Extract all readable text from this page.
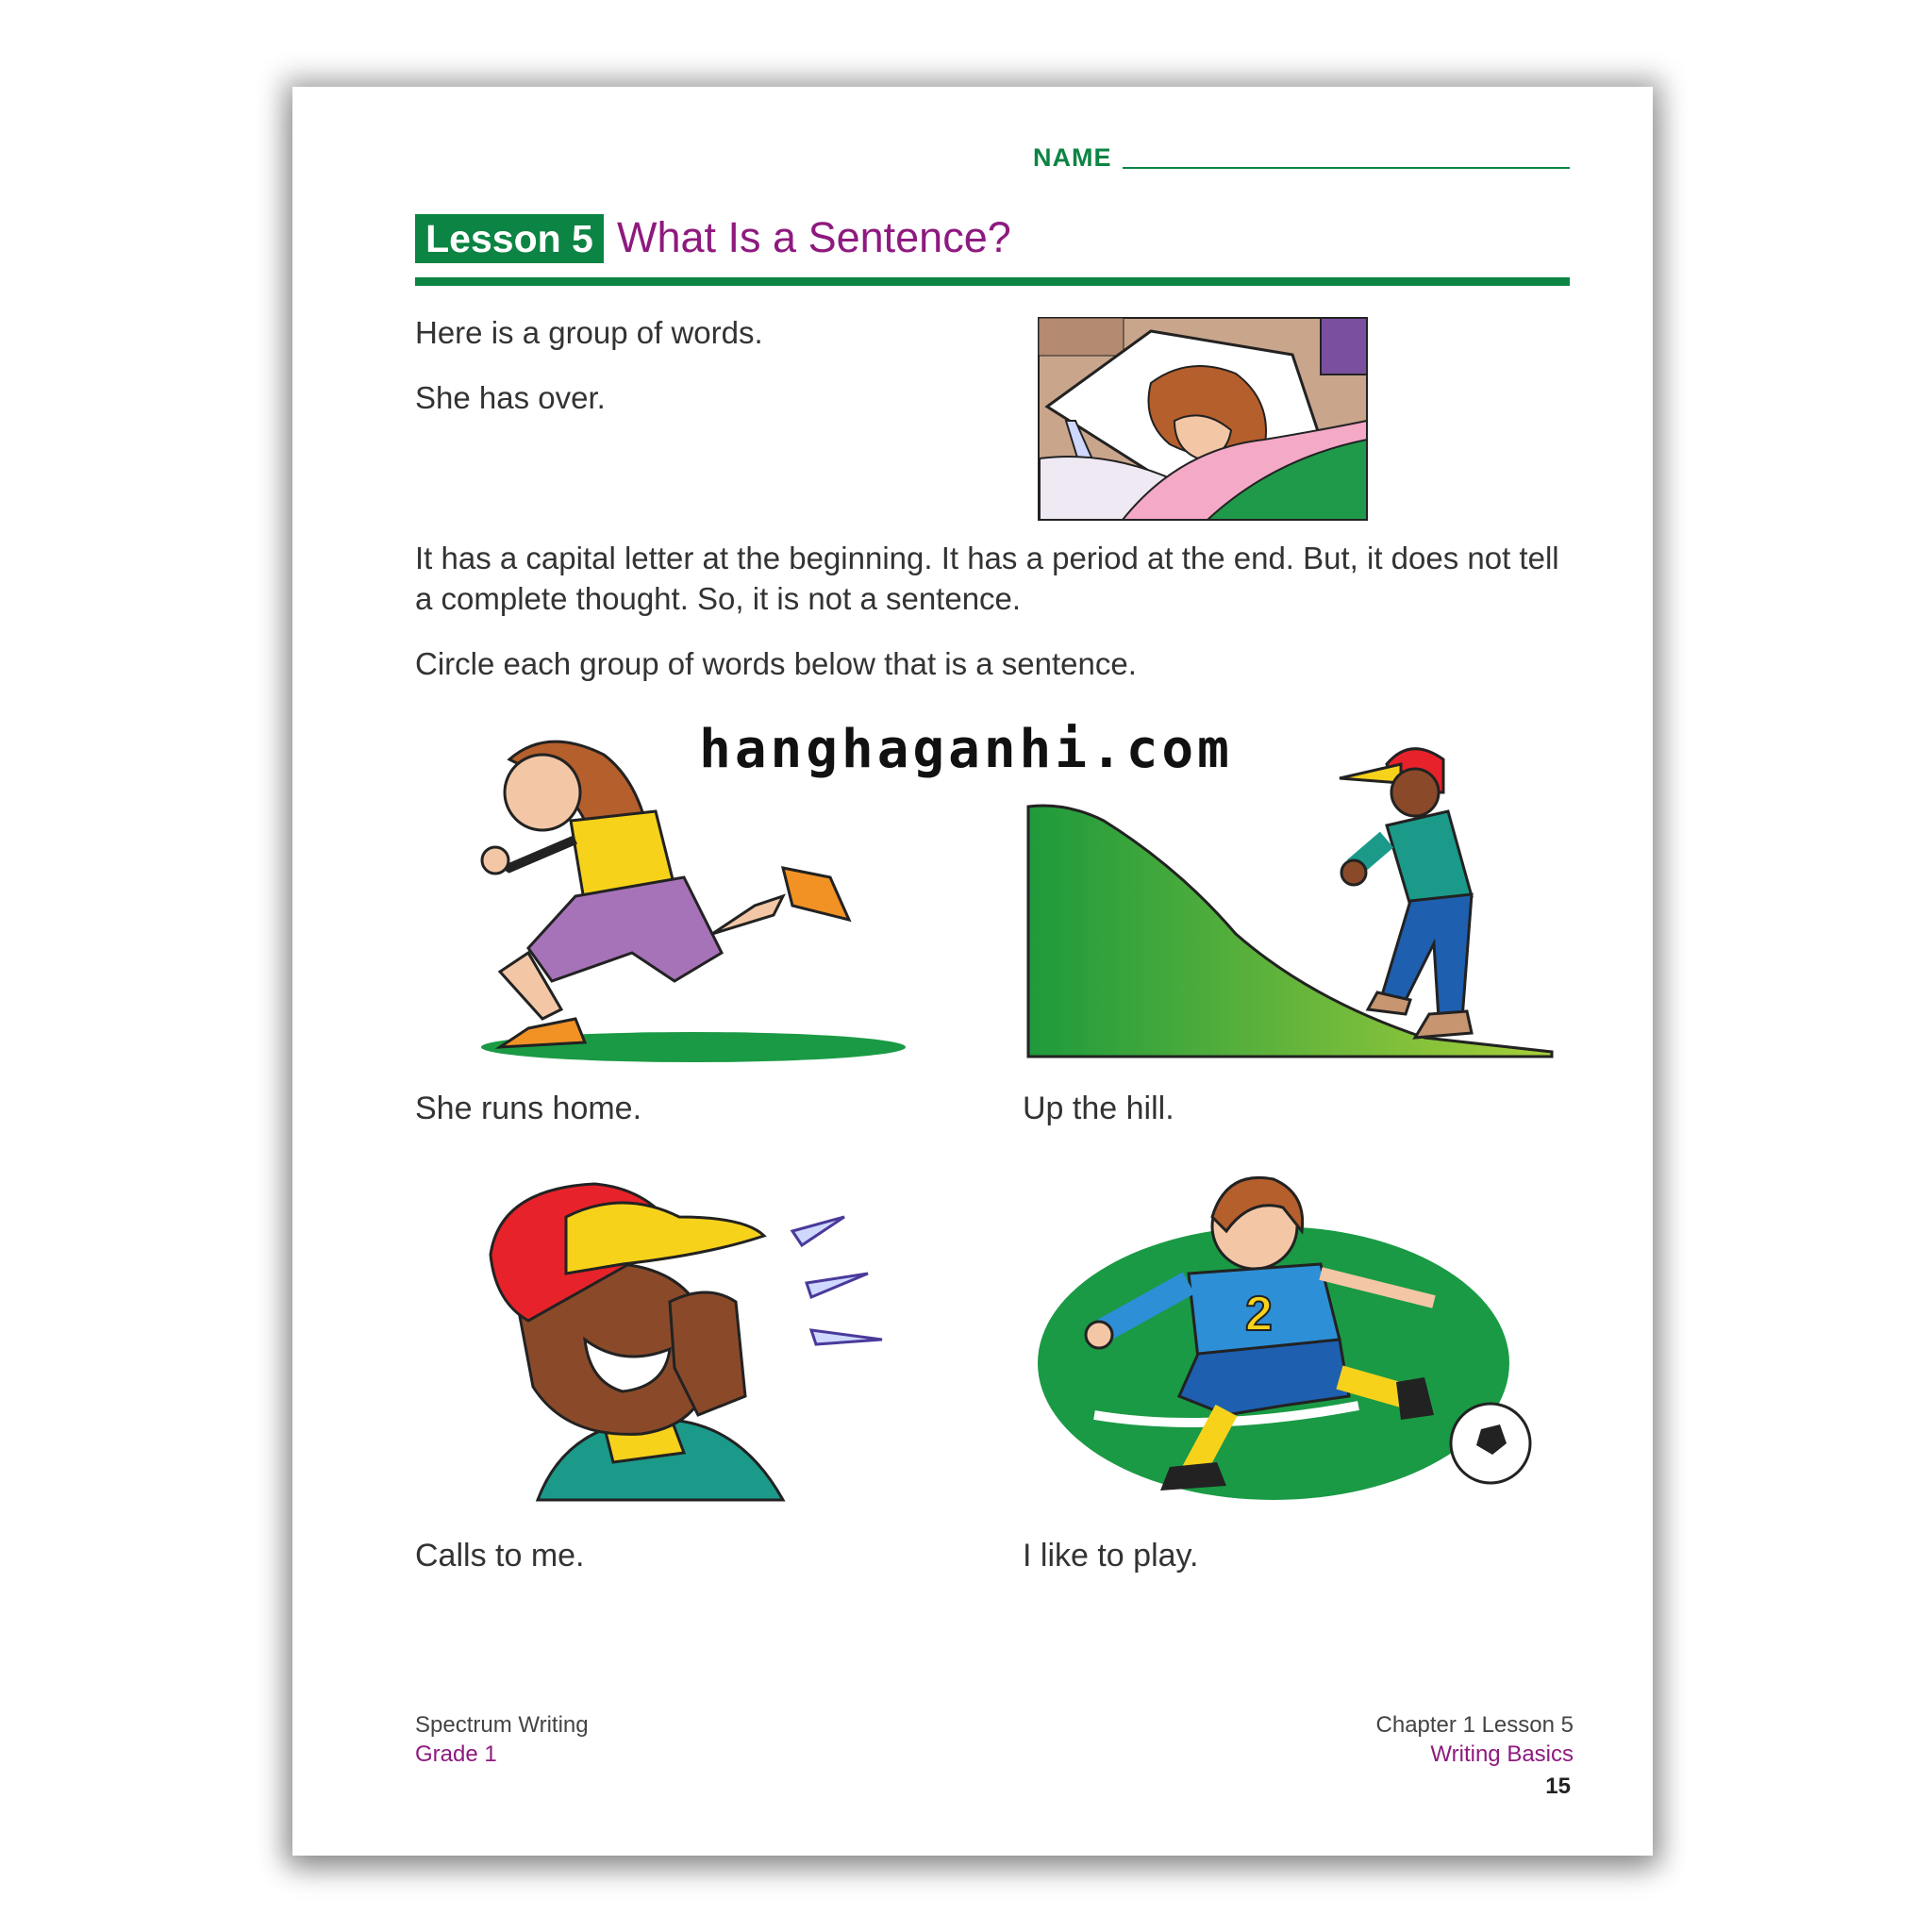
NAME
Lesson 5 What Is a Sentence?
Here is a group of words.
She has over.
It has a capital letter at the beginning. It has a period at the end. But, it does not tell a complete thought. So, it is not a sentence.
Circle each group of words below that is a sentence.
She runs home.	Up the hill.
2
hanghaganhi.com
Calls to me.	I like to play.
Spectrum Writing
Grade 1
Chapter 1 Lesson 5
Writing Basics
15
